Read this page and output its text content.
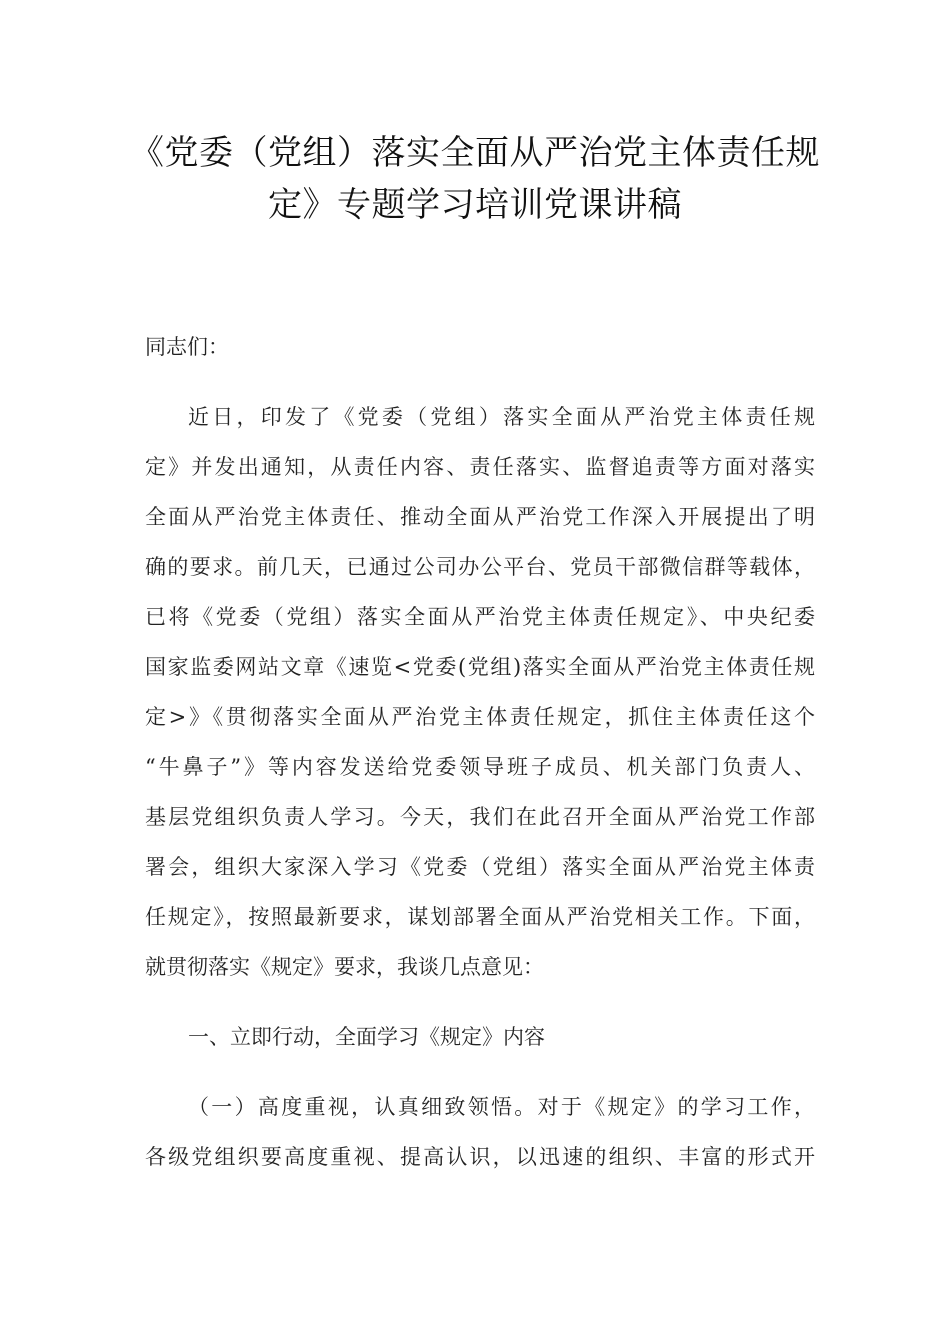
《党委（党组）落实全面从严治党主体责任规
定》专题学习培训党课讲稿
同志们：
近日，印发了《党委（党组）落实全面从严治党主体责任规
定》并发出通知，从责任内容、责任落实、监督追责等方面对落实
全面从严治党主体责任、推动全面从严治党工作深入开展提出了明
确的要求。前几天，已通过公司办公平台、党员干部微信群等载体，
已将《党委（党组）落实全面从严治党主体责任规定》、中央纪委
国家监委网站文章《速览<党委(党组)落实全面从严治党主体责任规
定>》《贯彻落实全面从严治党主体责任规定，抓住主体责任这个
“牛鼻子”》等内容发送给党委领导班子成员、机关部门负责人、
基层党组织负责人学习。今天，我们在此召开全面从严治党工作部
署会，组织大家深入学习《党委（党组）落实全面从严治党主体责
任规定》，按照最新要求，谋划部署全面从严治党相关工作。下面，
就贯彻落实《规定》要求，我谈几点意见：
一、立即行动，全面学习《规定》内容
（一）高度重视，认真细致领悟。对于《规定》的学习工作，
各级党组织要高度重视、提高认识，以迅速的组织、丰富的形式开
